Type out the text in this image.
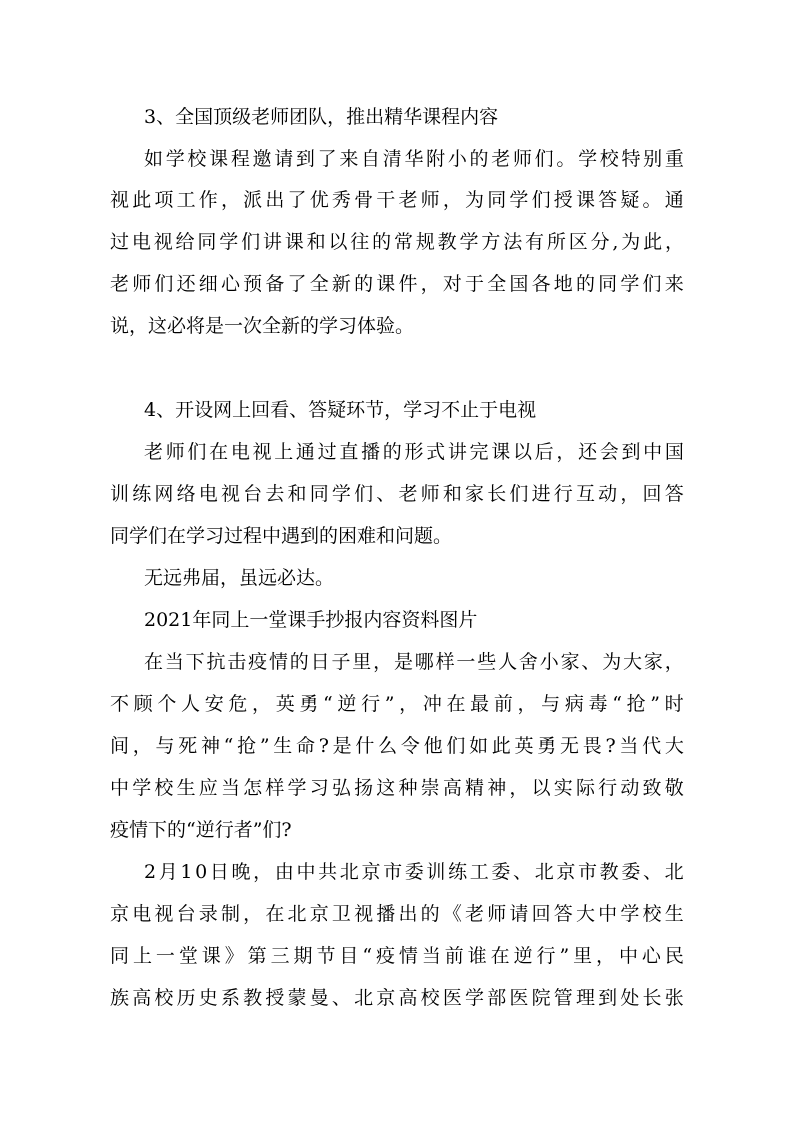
3、全国顶级老师团队，推出精华课程内容
如 学 校 课 程 邀 请 到 了 来 自 清 华 附 小 的 老 师 们 。 学 校 特 别 重
视 此 项 工 作 ， 派 出 了 优 秀 骨 干 老 师 ， 为 同 学 们 授 课 答 疑 。 通
过 电 视 给 同 学 们 讲 课 和 以 往 的 常 规 教 学 方 法 有 所 区 分 , 为 此 ，
老 师 们 还 细 心 预 备 了 全 新 的 课 件 ， 对 于 全 国 各 地 的 同 学 们 来
说，这必将是一次全新的学习体验。
4、开设网上回看、答疑环节，学习不止于电视
老 师 们 在 电 视 上 通 过 直 播 的 形 式 讲 完 课 以 后 ， 还 会 到 中 国
训 练 网 络 电 视 台 去 和 同 学 们 、 老 师 和 家 长 们 进 行 互 动 ， 回 答
同学们在学习过程中遇到的困难和问题。
无远弗届，虽远必达。
2021年同上一堂课手抄报内容资料图片
在 当 下 抗 击 疫 情 的 日 子 里 ， 是 哪 样 一 些 人 舍 小 家 、 为 大 家 ，
不 顾 个 人 安 危 ， 英 勇 “ 逆 行 ” ， 冲 在 最 前 ， 与 病 毒 “ 抢 ” 时
间 ， 与 死 神 “ 抢 ” 生 命 ? 是 什 么 令 他 们 如 此 英 勇 无 畏 ? 当 代 大
中 学 校 生 应 当 怎 样 学 习 弘 扬 这 种 崇 高 精 神 ， 以 实 际 行 动 致 敬
疫情下的“逆行者”们?
2 月 1 0 日 晚 ， 由 中 共 北 京 市 委 训 练 工 委 、 北 京 市 教 委 、 北
京 电 视 台 录 制 ， 在 北 京 卫 视 播 出 的 《 老 师 请 回 答 大 中 学 校 生
同 上 一 堂 课 》 第 三 期 节 目 “ 疫 情 当 前 谁 在 逆 行 ” 里 ， 中 心 民
族 高 校 历 史 系 教 授 蒙 曼 、 北 京 高 校 医 学 部 医 院 管 理 到 处 长 张
